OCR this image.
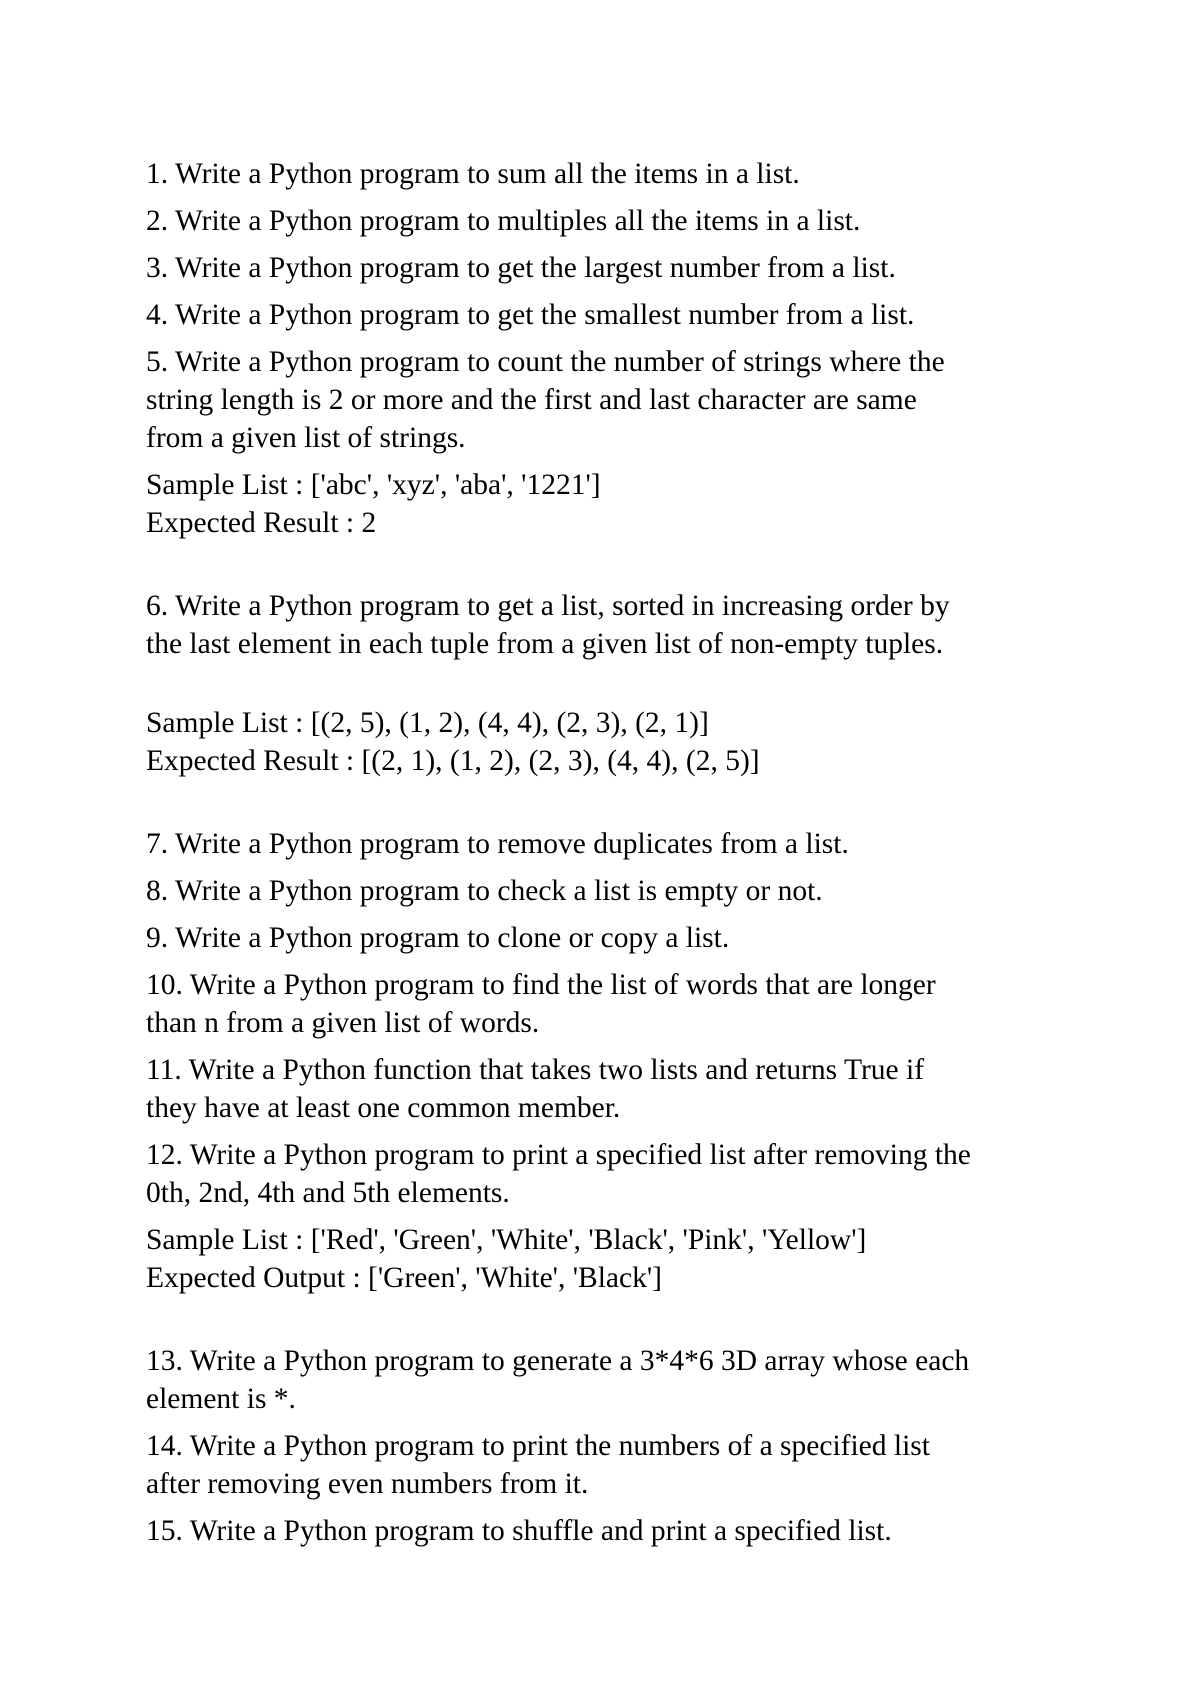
1. Write a Python program to sum all the items in a list.
2. Write a Python program to multiples all the items in a list.
3. Write a Python program to get the largest number from a list.
4. Write a Python program to get the smallest number from a list.
5. Write a Python program to count the number of strings where the
string length is 2 or more and the first and last character are same
from a given list of strings.
Sample List : ['abc', 'xyz', 'aba', '1221']
Expected Result : 2
6. Write a Python program to get a list, sorted in increasing order by
the last element in each tuple from a given list of non-empty tuples.
Sample List : [(2, 5), (1, 2), (4, 4), (2, 3), (2, 1)]
Expected Result : [(2, 1), (1, 2), (2, 3), (4, 4), (2, 5)]
7. Write a Python program to remove duplicates from a list.
8. Write a Python program to check a list is empty or not.
9. Write a Python program to clone or copy a list.
10. Write a Python program to find the list of words that are longer
than n from a given list of words.
11. Write a Python function that takes two lists and returns True if
they have at least one common member.
12. Write a Python program to print a specified list after removing the
0th, 2nd, 4th and 5th elements.
Sample List : ['Red', 'Green', 'White', 'Black', 'Pink', 'Yellow']
Expected Output : ['Green', 'White', 'Black']
13. Write a Python program to generate a 3*4*6 3D array whose each
element is *.
14. Write a Python program to print the numbers of a specified list
after removing even numbers from it.
15. Write a Python program to shuffle and print a specified list.
